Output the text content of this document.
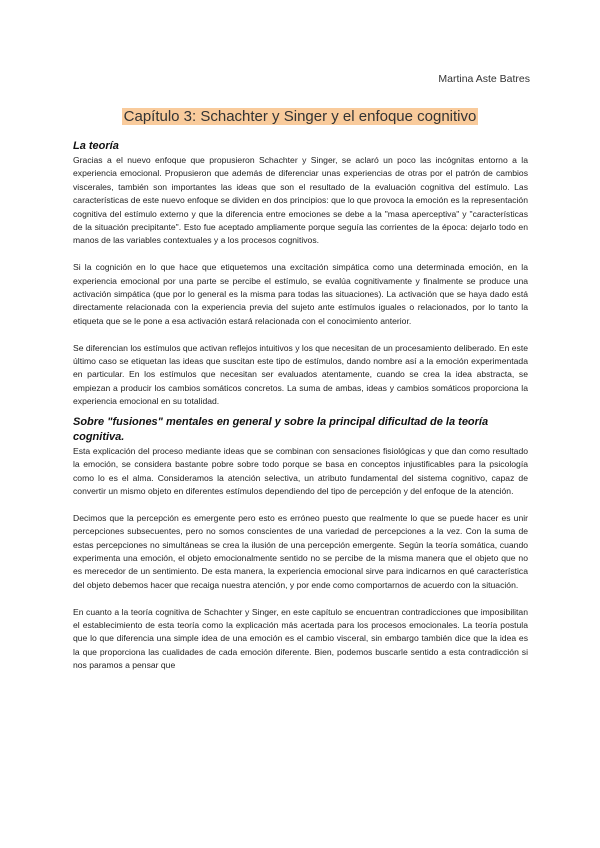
Martina Aste Batres
Capítulo 3: Schachter y Singer y el enfoque cognitivo
La teoría

Gracias a el nuevo enfoque que propusieron Schachter y Singer, se aclaró un poco las incógnitas entorno a la experiencia emocional. Propusieron que además de diferenciar unas experiencias de otras por el patrón de cambios viscerales, también son importantes las ideas que son el resultado de la evaluación cognitiva del estímulo. Las características de este nuevo enfoque se dividen en dos principios: que lo que provoca la emoción es la representación cognitiva del estímulo externo y que la diferencia entre emociones se debe a la "masa aperceptiva" y "características de la situación precipitante". Esto fue aceptado ampliamente porque seguía las corrientes de la época: dejarlo todo en manos de las variables contextuales y a los procesos cognitivos.

Si la cognición en lo que hace que etiquetemos una excitación simpática como una determinada emoción, en la experiencia emocional por una parte se percibe el estímulo, se evalúa cognitivamente y finalmente se produce una activación simpática (que por lo general es la misma para todas las situaciones). La activación que se haya dado está directamente relacionada con la experiencia previa del sujeto ante estímulos iguales o relacionados, por lo tanto la etiqueta que se le pone a esa activación estará relacionada con el conocimiento anterior.

Se diferencian los estímulos que activan reflejos intuitivos y los que necesitan de un procesamiento deliberado. En este último caso se etiquetan las ideas que suscitan este tipo de estímulos, dando nombre así a la emoción experimentada en particular. En los estímulos que necesitan ser evaluados atentamente, cuando se crea la idea abstracta, se empiezan a producir los cambios somáticos concretos. La suma de ambas, ideas y cambios somáticos proporciona la experiencia emocional en su totalidad.

Sobre "fusiones" mentales en general y sobre la principal dificultad de la teoría cognitiva.

Esta explicación del proceso mediante ideas que se combinan con sensaciones fisiológicas y que dan como resultado la emoción, se considera bastante pobre sobre todo porque se basa en conceptos injustificables para la psicología como lo es el alma. Consideramos la atención selectiva, un atributo fundamental del sistema cognitivo, capaz de convertir un mismo objeto en diferentes estímulos dependiendo del tipo de percepción y del enfoque de la atención.

Decimos que la percepción es emergente pero esto es erróneo puesto que realmente lo que se puede hacer es unir percepciones subsecuentes, pero no somos conscientes de una variedad de percepciones a la vez. Con la suma de estas percepciones no simultáneas se crea la ilusión de una percepción emergente. Según la teoría somática, cuando experimenta una emoción, el objeto emocionalmente sentido no se percibe de la misma manera que el objeto que no es merecedor de un sentimiento. De esta manera, la experiencia emocional sirve para indicarnos en qué característica del objeto debemos hacer que recaiga nuestra atención, y por ende como comportarnos de acuerdo con la situación.

En cuanto a la teoría cognitiva de Schachter y Singer, en este capítulo se encuentran contradicciones que imposibilitan el establecimiento de esta teoría como la explicación más acertada para los procesos emocionales. La teoría postula que lo que diferencia una simple idea de una emoción es el cambio visceral, sin embargo también dice que la idea es la que proporciona las cualidades de cada emoción diferente. Bien, podemos buscarle sentido a esta contradicción si nos paramos a pensar que
